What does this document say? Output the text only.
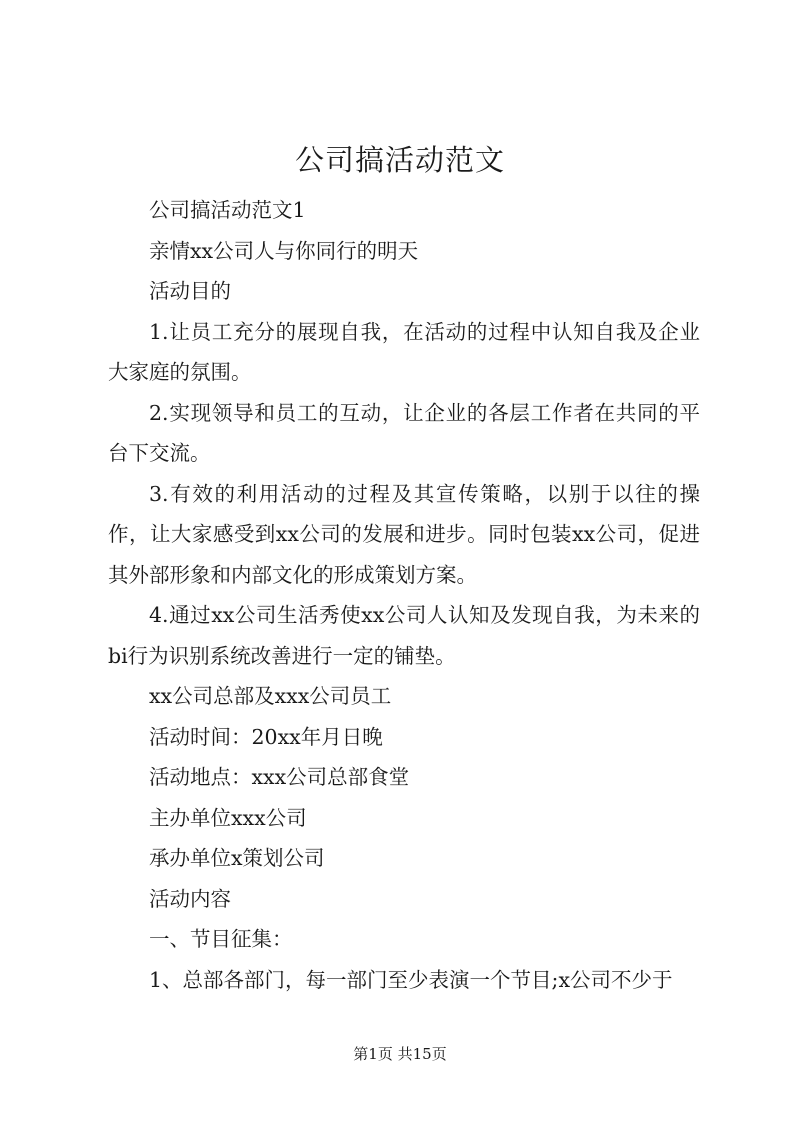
公司搞活动范文

公司搞活动范文1

亲情xx公司人与你同行的明天

活动目的

1.让员工充分的展现自我，在活动的过程中认知自我及企业大家庭的氛围。

2.实现领导和员工的互动，让企业的各层工作者在共同的平台下交流。

3.有效的利用活动的过程及其宣传策略，以别于以往的操作，让大家感受到xx公司的发展和进步。同时包装xx公司，促进其外部形象和内部文化的形成策划方案。

4.通过xx公司生活秀使xx公司人认知及发现自我，为未来的bi行为识别系统改善进行一定的铺垫。

xx公司总部及xxx公司员工

活动时间：20xx年月日晚

活动地点：xxx公司总部食堂

主办单位xxx公司

承办单位x策划公司

活动内容

一、节目征集：

1、总部各部门，每一部门至少表演一个节目;x公司不少于

第1页 共15页
